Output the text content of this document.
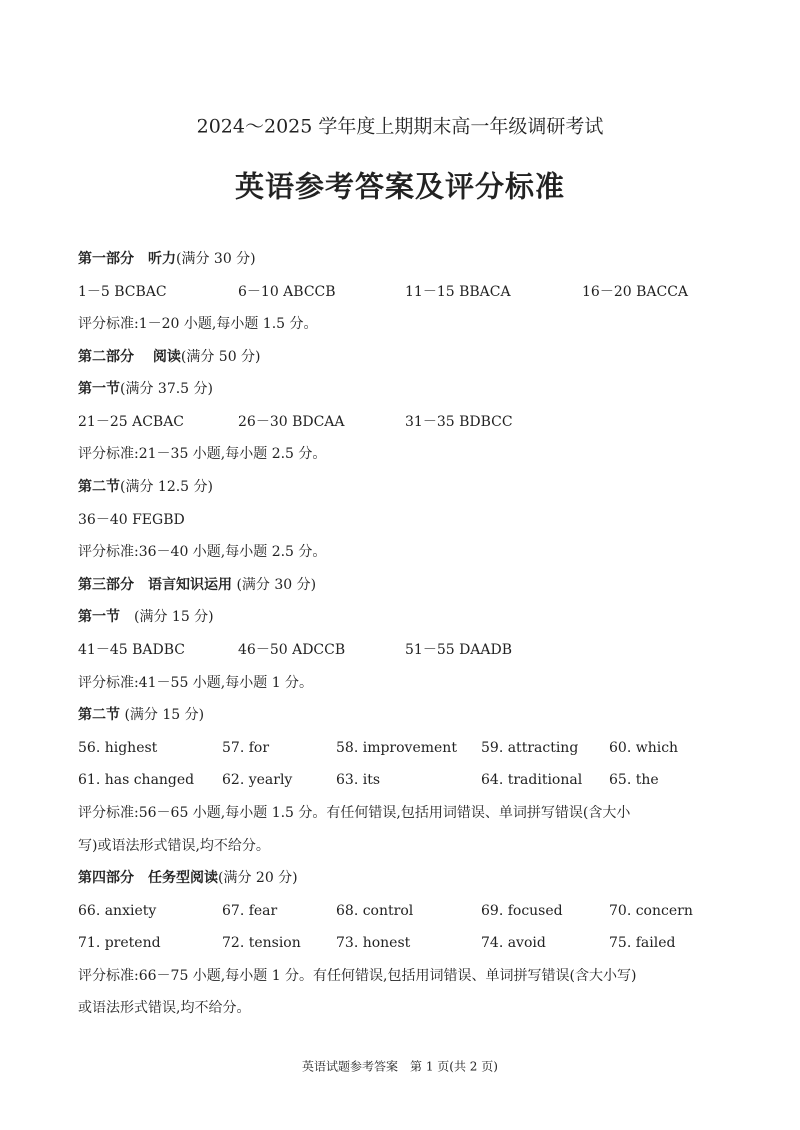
2024～2025 学年度上期期末高一年级调研考试
英语参考答案及评分标准
第一部分　听力(满分 30 分)
1－5 BCBAC	6－10 ABCCB	11－15 BBACA	16－20 BACCA
评分标准:1－20 小题,每小题 1.5 分。
第二部分　 阅读(满分 50 分)
第一节(满分 37.5 分)
21－25 ACBAC	26－30 BDCAA	31－35 BDBCC
评分标准:21－35 小题,每小题 2.5 分。
第二节(满分 12.5 分)
36－40 FEGBD
评分标准:36－40 小题,每小题 2.5 分。
第三部分　语言知识运用 (满分 30 分)
第一节　(满分 15 分)
41－45 BADBC	46－50 ADCCB	51－55 DAADB
评分标准:41－55 小题,每小题 1 分。
第二节 (满分 15 分)
56. highest	57. for	58. improvement 59. attracting 60. which
61. has changed 62. yearly	63. its	64. traditional 65. the
评分标准:56－65 小题,每小题 1.5 分。有任何错误,包括用词错误、单词拼写错误(含大小
写)或语法形式错误,均不给分。
第四部分　任务型阅读(满分 20 分)
66. anxiety	67. fear	68. control	69. focused	70. concern
71. pretend	72. tension	73. honest	74. avoid	75. failed
评分标准:66－75 小题,每小题 1 分。有任何错误,包括用词错误、单词拼写错误(含大小写)
或语法形式错误,均不给分。
英语试题参考答案　第 1 页(共 2 页)
